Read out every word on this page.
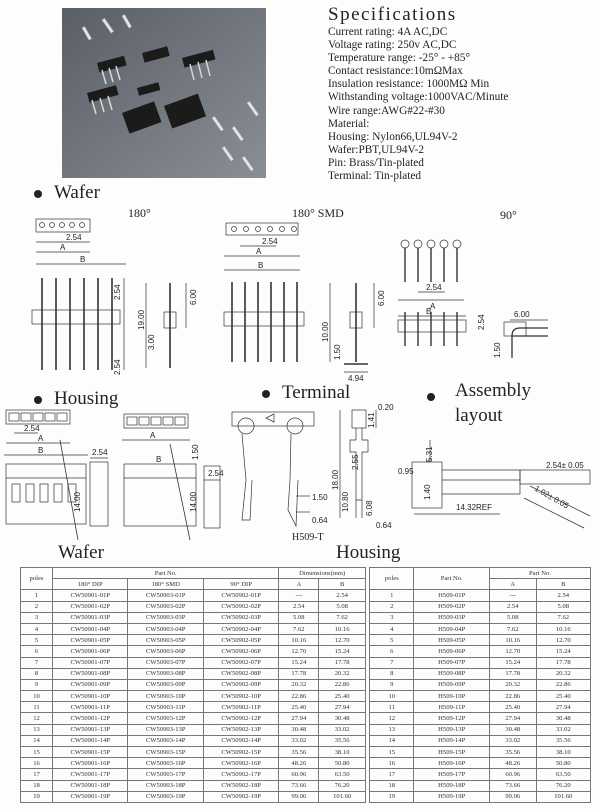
Specifications
Current rating: 4A AC,DC
Voltage rating: 250v AC,DC
Temperature range: -25° - +85°
Contact resistance:10mΩMax
Insulation resistance: 1000MΩ Min
Withstanding voltage:1000VAC/Minute
Wire range:AWG#22-#30
Material:
Housing: Nylon66,UL94V-2
Wafer:PBT,UL94V-2
Pin: Brass/Tin-plated
Terminal: Tin-plated
Wafer
Housing	Terminal	Assembly
layout
180°	180° SMD	90°
2.54
A
B
2.54
2.54
19.00
3.00
6.00
2.54
A
B
10.00
1.50
6.00
4.94
2.54
A
B
2.54	6.00
1.50
2.54
A
B	2.54
A
1.50
14.00
14.00
B
2.54
1.50
0.64
0.20
1.41
2.55
18.00
10.80 6.08
0.64
5.31
0.95
1.40
14.32REF
2.54± 0.05
1.02± 0.05
H509-T
Wafer	Housing
poles	Part No.			Dimensions(mm)	
	180° DIP	180° SMD	90° DIP	A	B
1	CW50901-01P	CW50903-01P	CW50902-01P	---	2.54
2	CW50901-02P	CW50903-02P	CW50902-02P	2.54	5.08
3	CW50901-03P	CW50903-03P	CW50902-03P	5.08	7.62
4	CW50901-04P	CW50903-04P	CW50902-04P	7.62	10.16
5	CW50901-05P	CW50903-05P	CW50902-05P	10.16	12.70
6	CW50901-06P	CW50903-06P	CW50902-06P	12.70	15.24
7	CW50901-07P	CW50903-07P	CW50902-07P	15.24	17.78
8	CW50901-08P	CW50903-08P	CW50902-08P	17.78	20.32
9	CW50901-09P	CW50903-09P	CW50902-09P	20.32	22.86
10	CW50901-10P	CW50903-10P	CW50902-10P	22.86	25.40
11	CW50901-11P	CW50903-11P	CW50902-11P	25.40	27.94
12	CW50901-12P	CW50903-12P	CW50902-12P	27.94	30.48
13	CW50901-13P	CW50903-13P	CW50902-13P	30.48	33.02
14	CW50901-14P	CW50903-14P	CW50902-14P	33.02	35.56
15	CW50901-15P	CW50903-15P	CW50902-15P	35.56	38.10
16	CW50901-16P	CW50903-16P	CW50902-16P	48.26	50.80
17	CW50901-17P	CW50903-17P	CW50902-17P	60.96	63.50
18	CW50901-18P	CW50903-18P	CW50902-18P	73.66	76.20
19	CW50901-19P	CW50903-19P	CW50902-19P	99.06	101.60
poles	Part No.	Part No.	
		A	B
1	H509-01P	---	2.54
2	H509-02P	2.54	5.08
3	H509-03P	5.08	7.62
4	H509-04P	7.62	10.16
5	H509-05P	10.16	12.70
6	H509-06P	12.70	15.24
7	H509-07P	15.24	17.78
8	H509-08P	17.78	20.32
9	H509-09P	20.32	22.86
10	H509-10P	22.86	25.40
11	H509-11P	25.40	27.94
12	H509-12P	27.94	30.48
13	H509-13P	30.48	33.02
14	H509-14P	33.02	35.56
15	H509-15P	35.56	38.10
16	H509-16P	48.26	50.80
17	H509-17P	60.96	63.50
18	H509-18P	73.66	76.20
19	H509-19P	99.06	101.60
